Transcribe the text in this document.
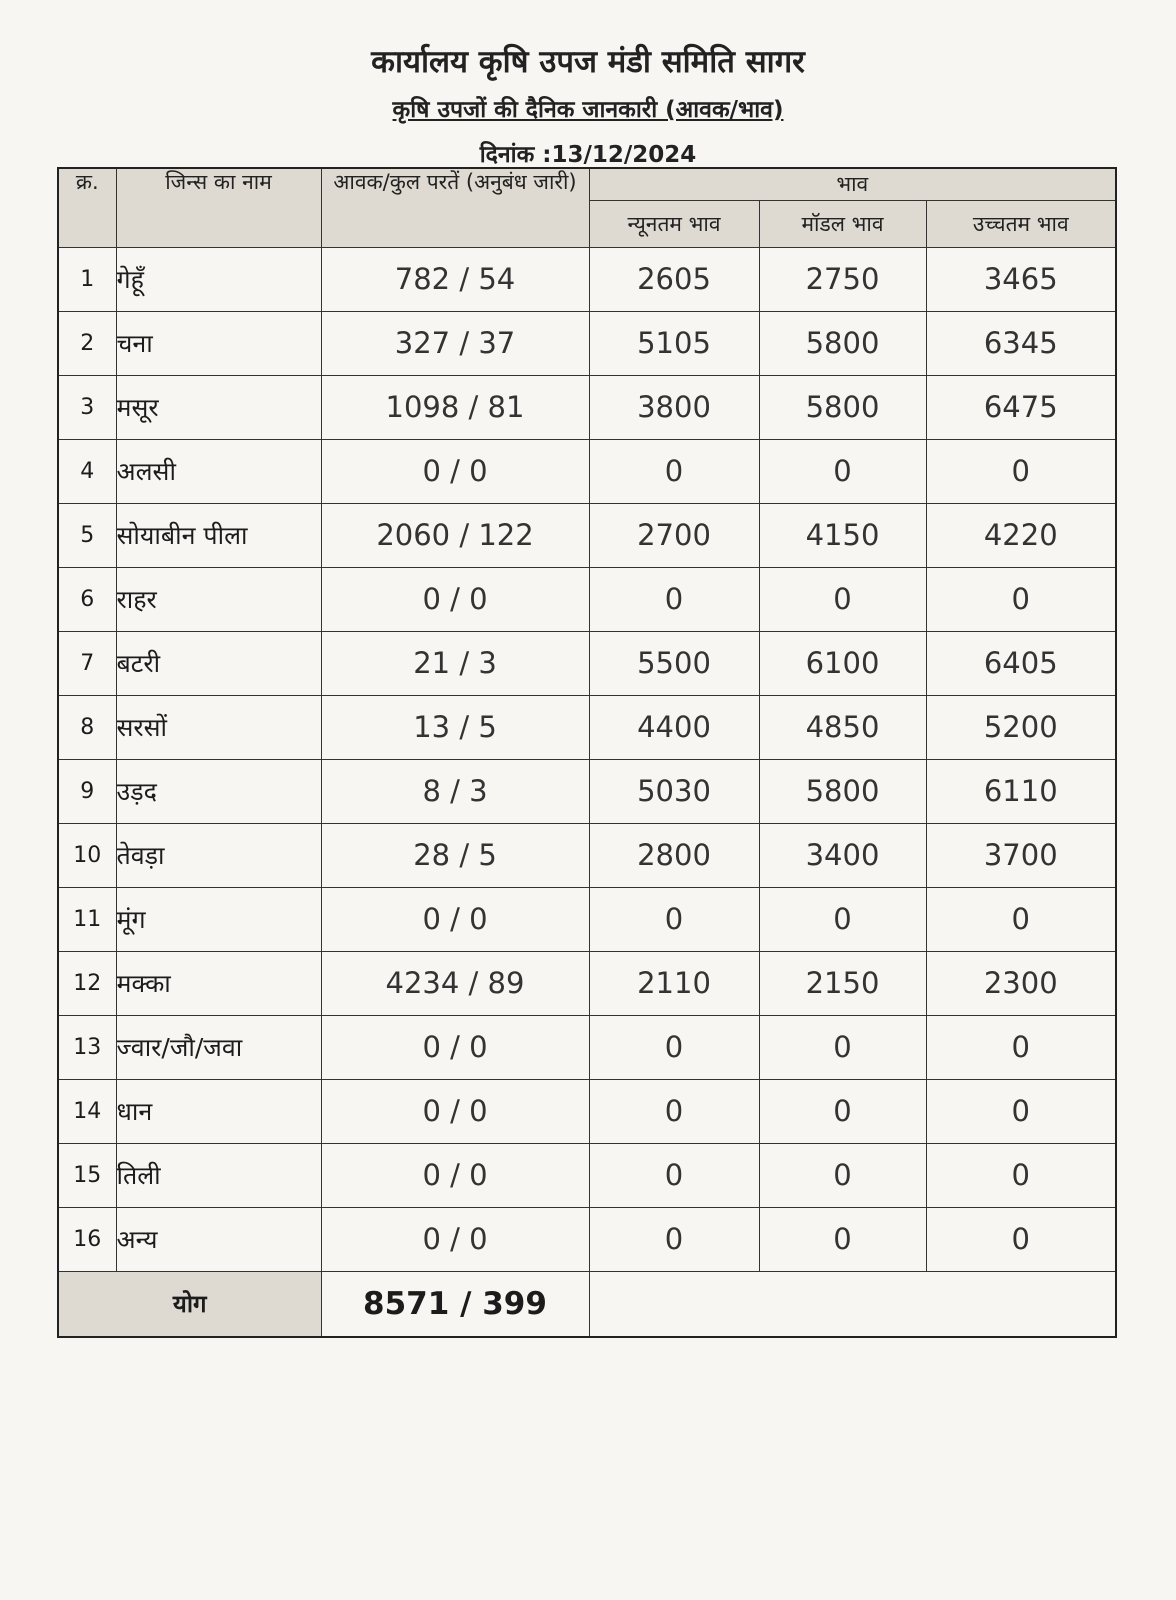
कार्यालय कृषि उपज मंडी समिति सागर
कृषि उपजों की दैनिक जानकारी (आवक/भाव)
दिनांक :13/12/2024
क्र.	जिन्स का नाम	आवक/कुल परतें (अनुबंध जारी)	भाव		
			न्यूनतम भाव	मॉडल भाव	उच्चतम भाव
1	गेहूँ	782 / 54	2605	2750	3465
2	चना	327 / 37	5105	5800	6345
3	मसूर	1098 / 81	3800	5800	6475
4	अलसी	0 / 0	0	0	0
5	सोयाबीन पीला	2060 / 122	2700	4150	4220
6	राहर	0 / 0	0	0	0
7	बटरी	21 / 3	5500	6100	6405
8	सरसों	13 / 5	4400	4850	5200
9	उड़द	8 / 3	5030	5800	6110
10	तेवड़ा	28 / 5	2800	3400	3700
11	मूंग	0 / 0	0	0	0
12	मक्का	4234 / 89	2110	2150	2300
13	ज्वार/जौ/जवा	0 / 0	0	0	0
14	धान	0 / 0	0	0	0
15	तिली	0 / 0	0	0	0
16	अन्य	0 / 0	0	0	0
योग		8571 / 399			
